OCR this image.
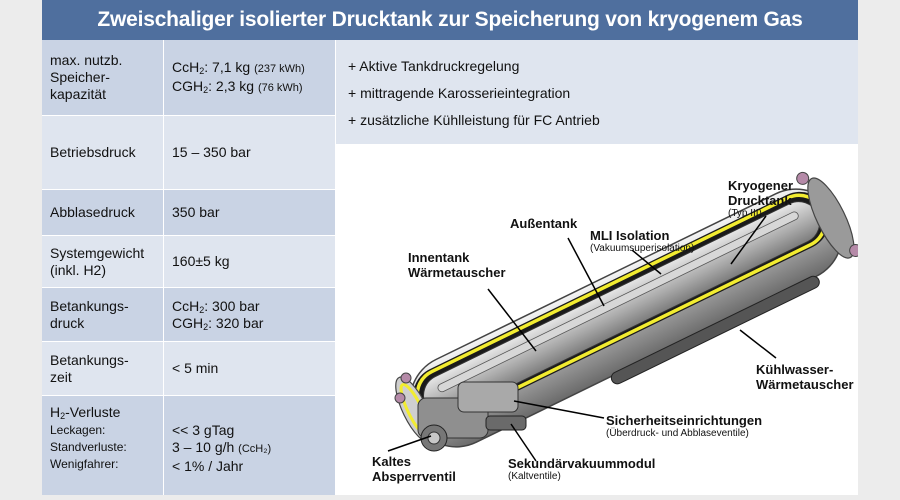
Zweischaliger isolierter Drucktank zur Speicherung von kryogenem Gas
max. nutzb.
Speicher-
kapazität
CcH$_2$: 7,1 kg (237 kWh)
$CGH_2$: 2,3 kg (76 kWh)
Betriebsdruck	15 – 350 bar
Abblasedruck	350 bar
Systemgewicht
(inkl. H2)
160±5 kg
Betankungs-
druck
CcH$_2$: 300 bar
$CGH_2$: 320 bar
Betankungs-
zeit
< 5 min
$H_2$-Verluste
Leckagen:
Standverluste:
Wenigfahrer:
<< 3 gTag
3 – 10 g/h (CcH₂)
< 1% / Jahr
+ Aktive Tankdruckregelung
+ mittragende Karosserieintegration
+ zusätzliche Kühlleistung für FC Antrieb
Kryogener
Drucktank
(Typ III)
Außentank
MLI Isolation
(Vakuumsuperisolation)
Innentank
Wärmetauscher
Kühlwasser-
Wärmetauscher
Sicherheitseinrichtungen
(Überdruck- und Abblaseventile)
Kaltes
Absperrventil
Sekundärvakuummodul
(Kaltventile)
